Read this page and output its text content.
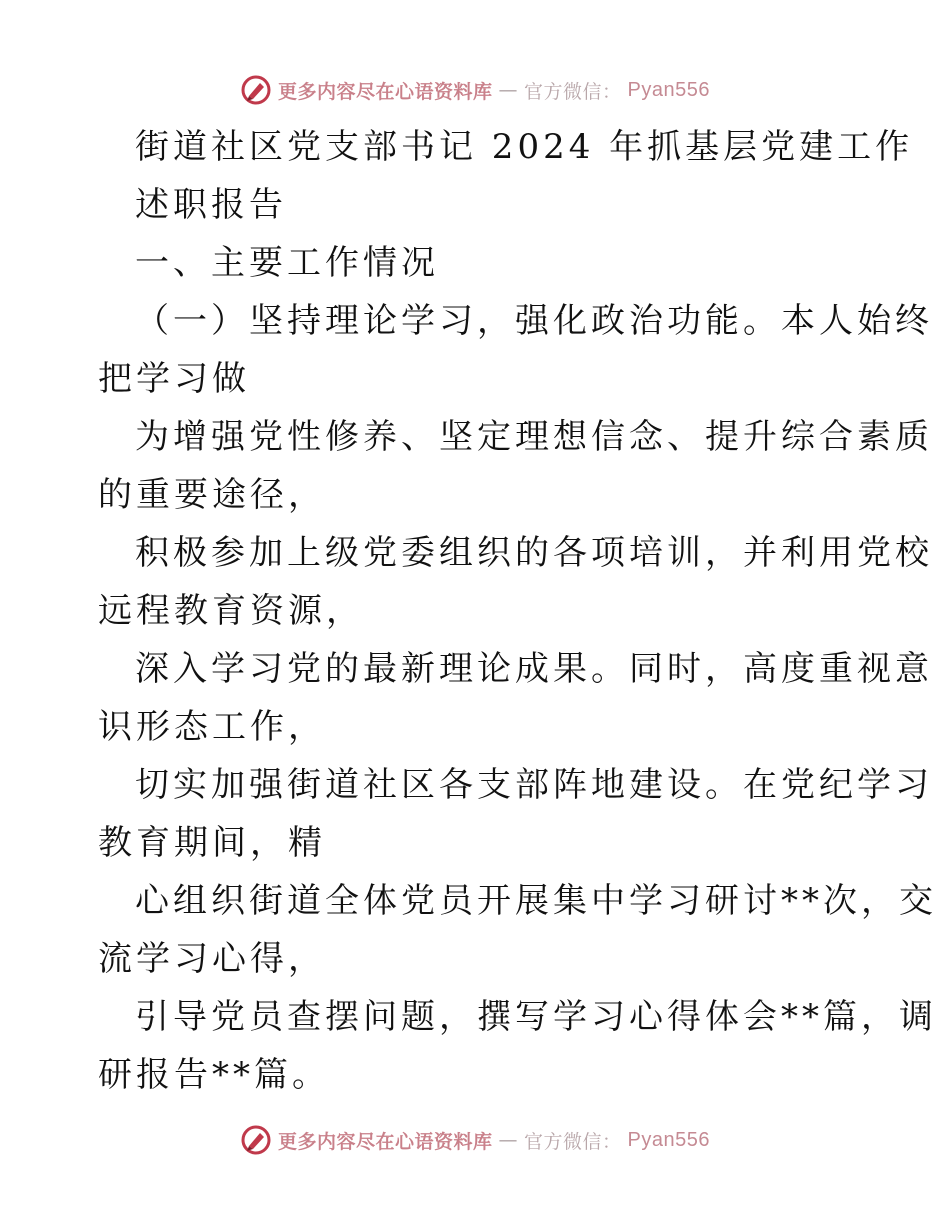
更多内容尽在心语资料库 — 官方微信： Pyan556
街道社区党支部书记 2024 年抓基层党建工作
述职报告
一、主要工作情况
（一）坚持理论学习，强化政治功能。本人始终
把学习做
为增强党性修养、坚定理想信念、提升综合素质
的重要途径，
积极参加上级党委组织的各项培训，并利用党校
远程教育资源，
深入学习党的最新理论成果。同时，高度重视意
识形态工作，
切实加强街道社区各支部阵地建设。在党纪学习
教育期间，精
心组织街道全体党员开展集中学习研讨**次，交
流学习心得，
引导党员查摆问题，撰写学习心得体会**篇，调
研报告**篇。
更多内容尽在心语资料库 — 官方微信： Pyan556
